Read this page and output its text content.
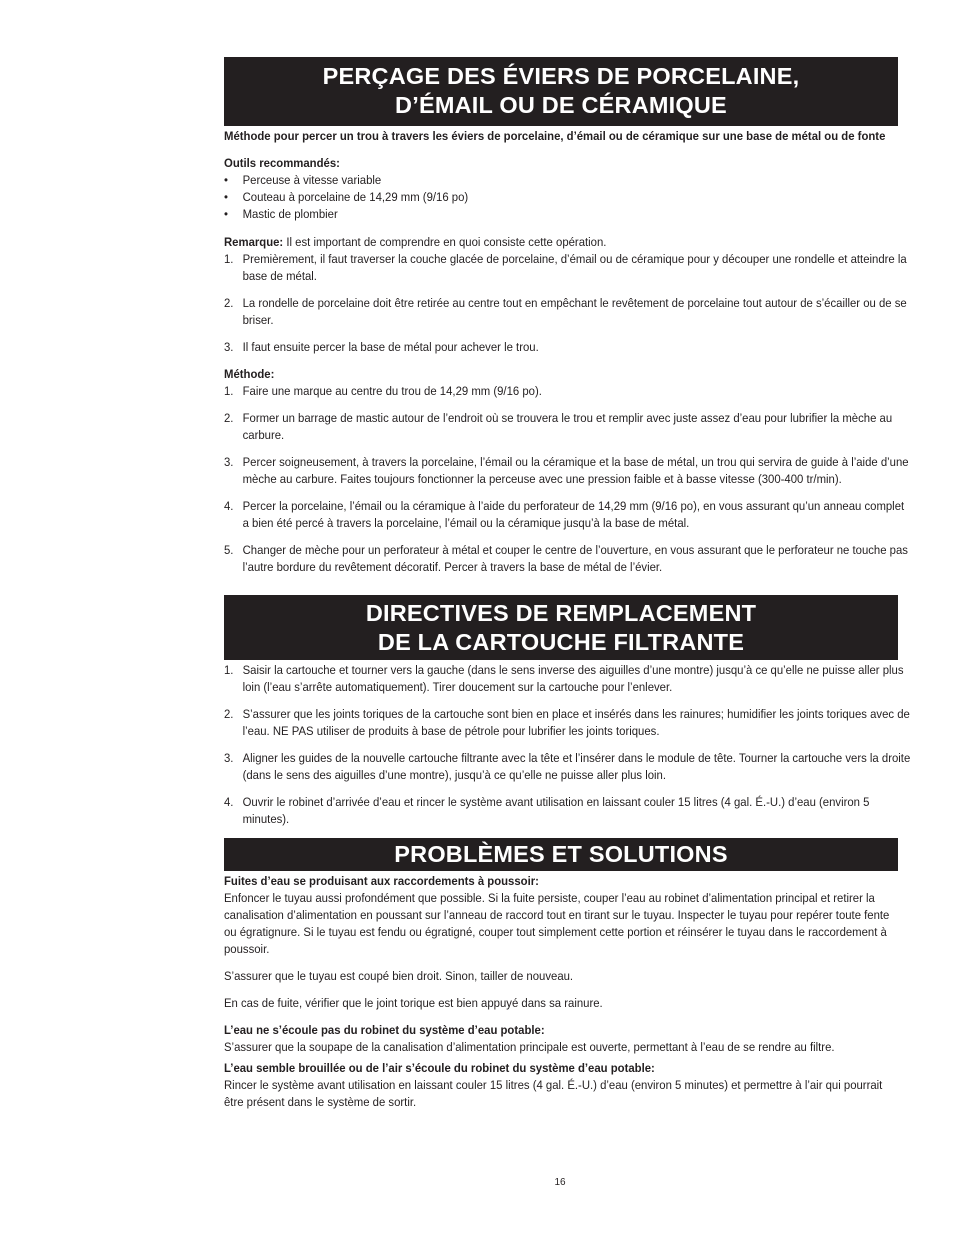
PERÇAGE DES ÉVIERS DE PORCELAINE,
D’ÉMAIL OU DE CÉRAMIQUE

Méthode pour percer un trou à travers les éviers de porcelaine, d’émail ou de céramique sur une base de métal ou de fonte

Outils recommandés:

• Perceuse à vitesse variable
• Couteau à porcelaine de 14,29 mm (9/16 po)
• Mastic de plombier

Remarque: Il est important de comprendre en quoi consiste cette opération.

1. Premièrement, il faut traverser la couche glacée de porcelaine, d’émail ou de céramique pour y découper une rondelle et atteindre la base de métal.
2. La rondelle de porcelaine doit être retirée au centre tout en empêchant le revêtement de porcelaine tout autour de s’écailler ou de se briser.
3. Il faut ensuite percer la base de métal pour achever le trou.

Méthode:

1. Faire une marque au centre du trou de 14,29 mm (9/16 po).
2. Former un barrage de mastic autour de l’endroit où se trouvera le trou et remplir avec juste assez d’eau pour lubrifier la mèche au carbure.
3. Percer soigneusement, à travers la porcelaine, l’émail ou la céramique et la base de métal, un trou qui servira de guide à l’aide d’une mèche au carbure. Faites toujours fonctionner la perceuse avec une pression faible et à basse vitesse (300-400 tr/min).
4. Percer la porcelaine, l’émail ou la céramique à l’aide du perforateur de 14,29 mm (9/16 po), en vous assurant qu’un anneau complet a bien été percé à travers la porcelaine, l’émail ou la céramique jusqu’à la base de métal.
5. Changer de mèche pour un perforateur à métal et couper le centre de l’ouverture, en vous assurant que le perforateur ne touche pas l’autre bordure du revêtement décoratif. Percer à travers la base de métal de l’évier.
DIRECTIVES DE REMPLACEMENT
DE LA CARTOUCHE FILTRANTE
1. Saisir la cartouche et tourner vers la gauche (dans le sens inverse des aiguilles d’une montre) jusqu’à ce qu’elle ne puisse aller plus loin (l’eau s’arrête automatiquement). Tirer doucement sur la cartouche pour l’enlever.
2. S’assurer que les joints toriques de la cartouche sont bien en place et insérés dans les rainures; humidifier les joints toriques avec de l’eau. NE PAS utiliser de produits à base de pétrole pour lubrifier les joints toriques.
3. Aligner les guides de la nouvelle cartouche filtrante avec la tête et l’insérer dans le module de tête. Tourner la cartouche vers la droite (dans le sens des aiguilles d’une montre), jusqu’à ce qu’elle ne puisse aller plus loin.
4. Ouvrir le robinet d’arrivée d’eau et rincer le système avant utilisation en laissant couler 15 litres (4 gal. É.-U.) d’eau (environ 5 minutes).
PROBLÈMES ET SOLUTIONS

Fuites d’eau se produisant aux raccordements à poussoir:

Enfoncer le tuyau aussi profondément que possible. Si la fuite persiste, couper l’eau au robinet d’alimentation principal et retirer la canalisation d’alimentation en poussant sur l’anneau de raccord tout en tirant sur le tuyau. Inspecter le tuyau pour repérer toute fente ou égratignure. Si le tuyau est fendu ou égratigné, couper tout simplement cette portion et réinsérer le tuyau dans le raccordement à poussoir.

S’assurer que le tuyau est coupé bien droit. Sinon, tailler de nouveau.

En cas de fuite, vérifier que le joint torique est bien appuyé dans sa rainure.

L’eau ne s’écoule pas du robinet du système d’eau potable:

S’assurer que la soupape de la canalisation d’alimentation principale est ouverte, permettant à l’eau de se rendre au filtre.

L’eau semble brouillée ou de l’air s’écoule du robinet du système d’eau potable:

Rincer le système avant utilisation en laissant couler 15 litres (4 gal. É.-U.) d’eau (environ 5 minutes) et permettre à l’air qui pourrait être présent dans le système de sortir.

16
